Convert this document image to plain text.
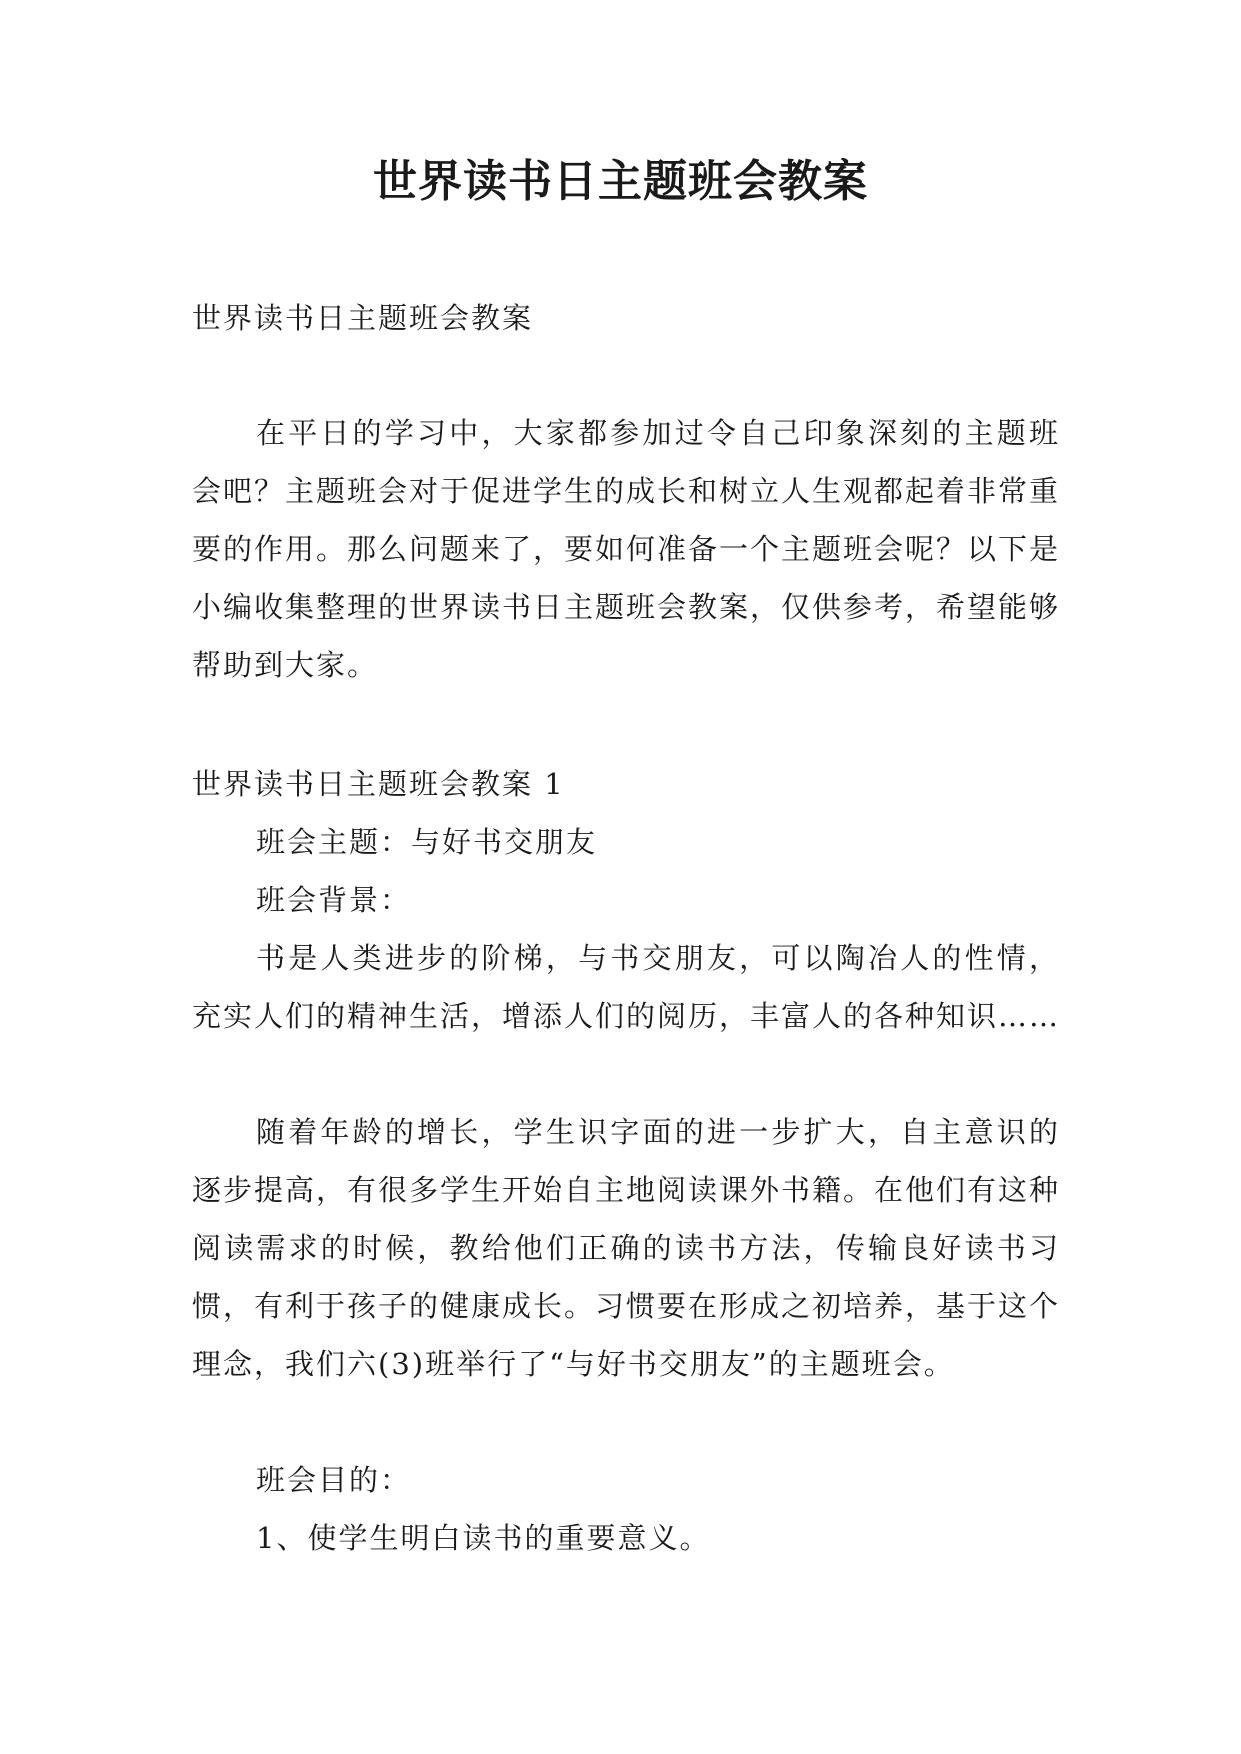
世界读书日主题班会教案

世界读书日主题班会教案

在平日的学习中，大家都参加过令自己印象深刻的主题班会吧？主题班会对于促进学生的成长和树立人生观都起着非常重要的作用。那么问题来了，要如何准备一个主题班会呢？以下是小编收集整理的世界读书日主题班会教案，仅供参考，希望能够帮助到大家。

世界读书日主题班会教案 1

班会主题：与好书交朋友

班会背景：

书是人类进步的阶梯，与书交朋友，可以陶冶人的性情，充实人们的精神生活，增添人们的阅历，丰富人的各种知识……

随着年龄的增长，学生识字面的进一步扩大，自主意识的逐步提高，有很多学生开始自主地阅读课外书籍。在他们有这种阅读需求的时候，教给他们正确的读书方法，传输良好读书习惯，有利于孩子的健康成长。习惯要在形成之初培养，基于这个理念，我们六(3)班举行了“与好书交朋友”的主题班会。

班会目的：

1、使学生明白读书的重要意义。
